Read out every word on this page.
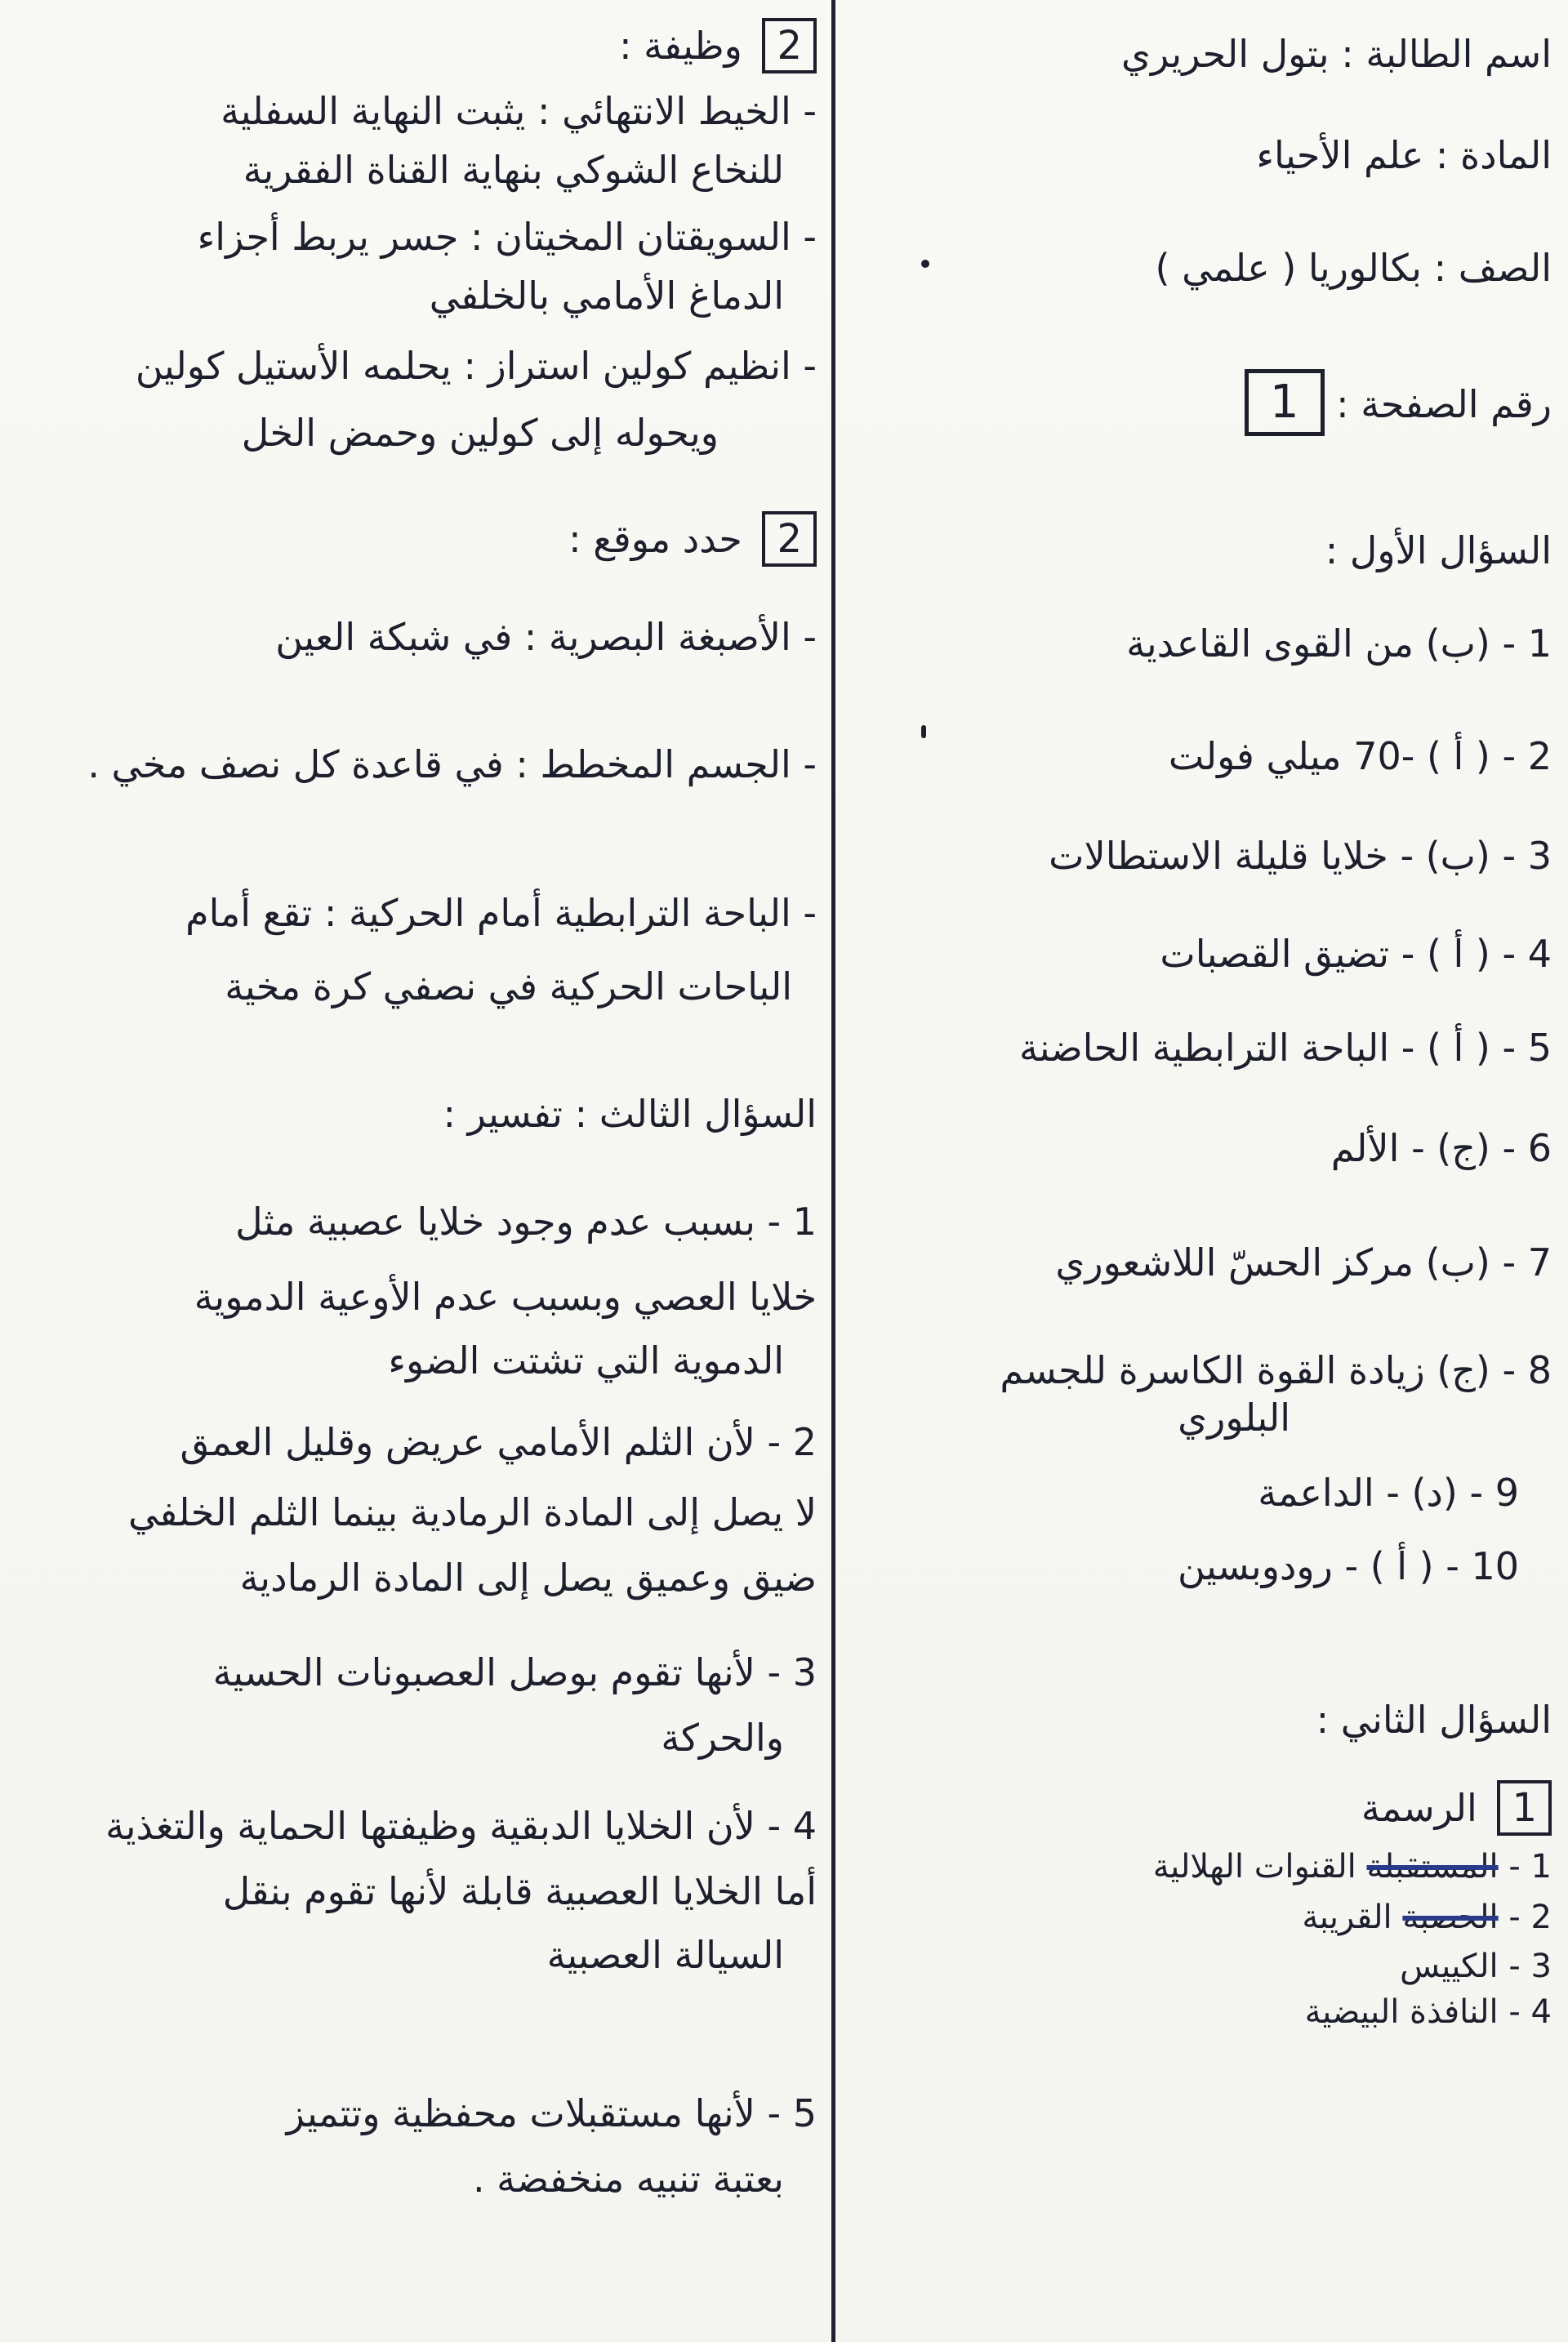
اسم الطالبة : بتول الحريري
المادة : علم الأحياء
الصف : بكالوريا ( علمي )
رقم الصفحة : 1
السؤال الأول :
1 - (ب) من القوى القاعدية
2 - ( أ ) -70 ميلي فولت
3 - (ب) - خلايا قليلة الاستطالات
4 - ( أ ) - تضيق القصبات
5 - ( أ ) - الباحة الترابطية الحاضنة
6 - (ج) - الألم
7 - (ب) مركز الحسّ اللاشعوري
8 - (ج) زيادة القوة الكاسرة للجسم
البلوري
9 - (د) - الداعمة
10 - ( أ ) - رودوبسين
السؤال الثاني :
1 الرسمة
1 - المستقبلة القنوات الهلالية
2 - الحصبة القريبة
3 - الكييس
4 - النافذة البيضية
2 وظيفة :
- الخيط الانتهائي : يثبت النهاية السفلية
للنخاع الشوكي بنهاية القناة الفقرية
- السويقتان المخيتان : جسر يربط أجزاء
الدماغ الأمامي بالخلفي
- انظيم كولين استراز : يحلمه الأستيل كولين
ويحوله إلى كولين وحمض الخل
2 حدد موقع :
- الأصبغة البصرية : في شبكة العين
- الجسم المخطط : في قاعدة كل نصف مخي .
- الباحة الترابطية أمام الحركية : تقع أمام
الباحات الحركية في نصفي كرة مخية
السؤال الثالث : تفسير :
1 - بسبب عدم وجود خلايا عصبية مثل
خلايا العصي وبسبب عدم الأوعية الدموية
الدموية التي تشتت الضوء
2 - لأن الثلم الأمامي عريض وقليل العمق
لا يصل إلى المادة الرمادية بينما الثلم الخلفي
ضيق وعميق يصل إلى المادة الرمادية
3 - لأنها تقوم بوصل العصبونات الحسية
والحركة
4 - لأن الخلايا الدبقية وظيفتها الحماية والتغذية
أما الخلايا العصبية قابلة لأنها تقوم بنقل
السيالة العصبية
5 - لأنها مستقبلات محفظية وتتميز
بعتبة تنبيه منخفضة .
